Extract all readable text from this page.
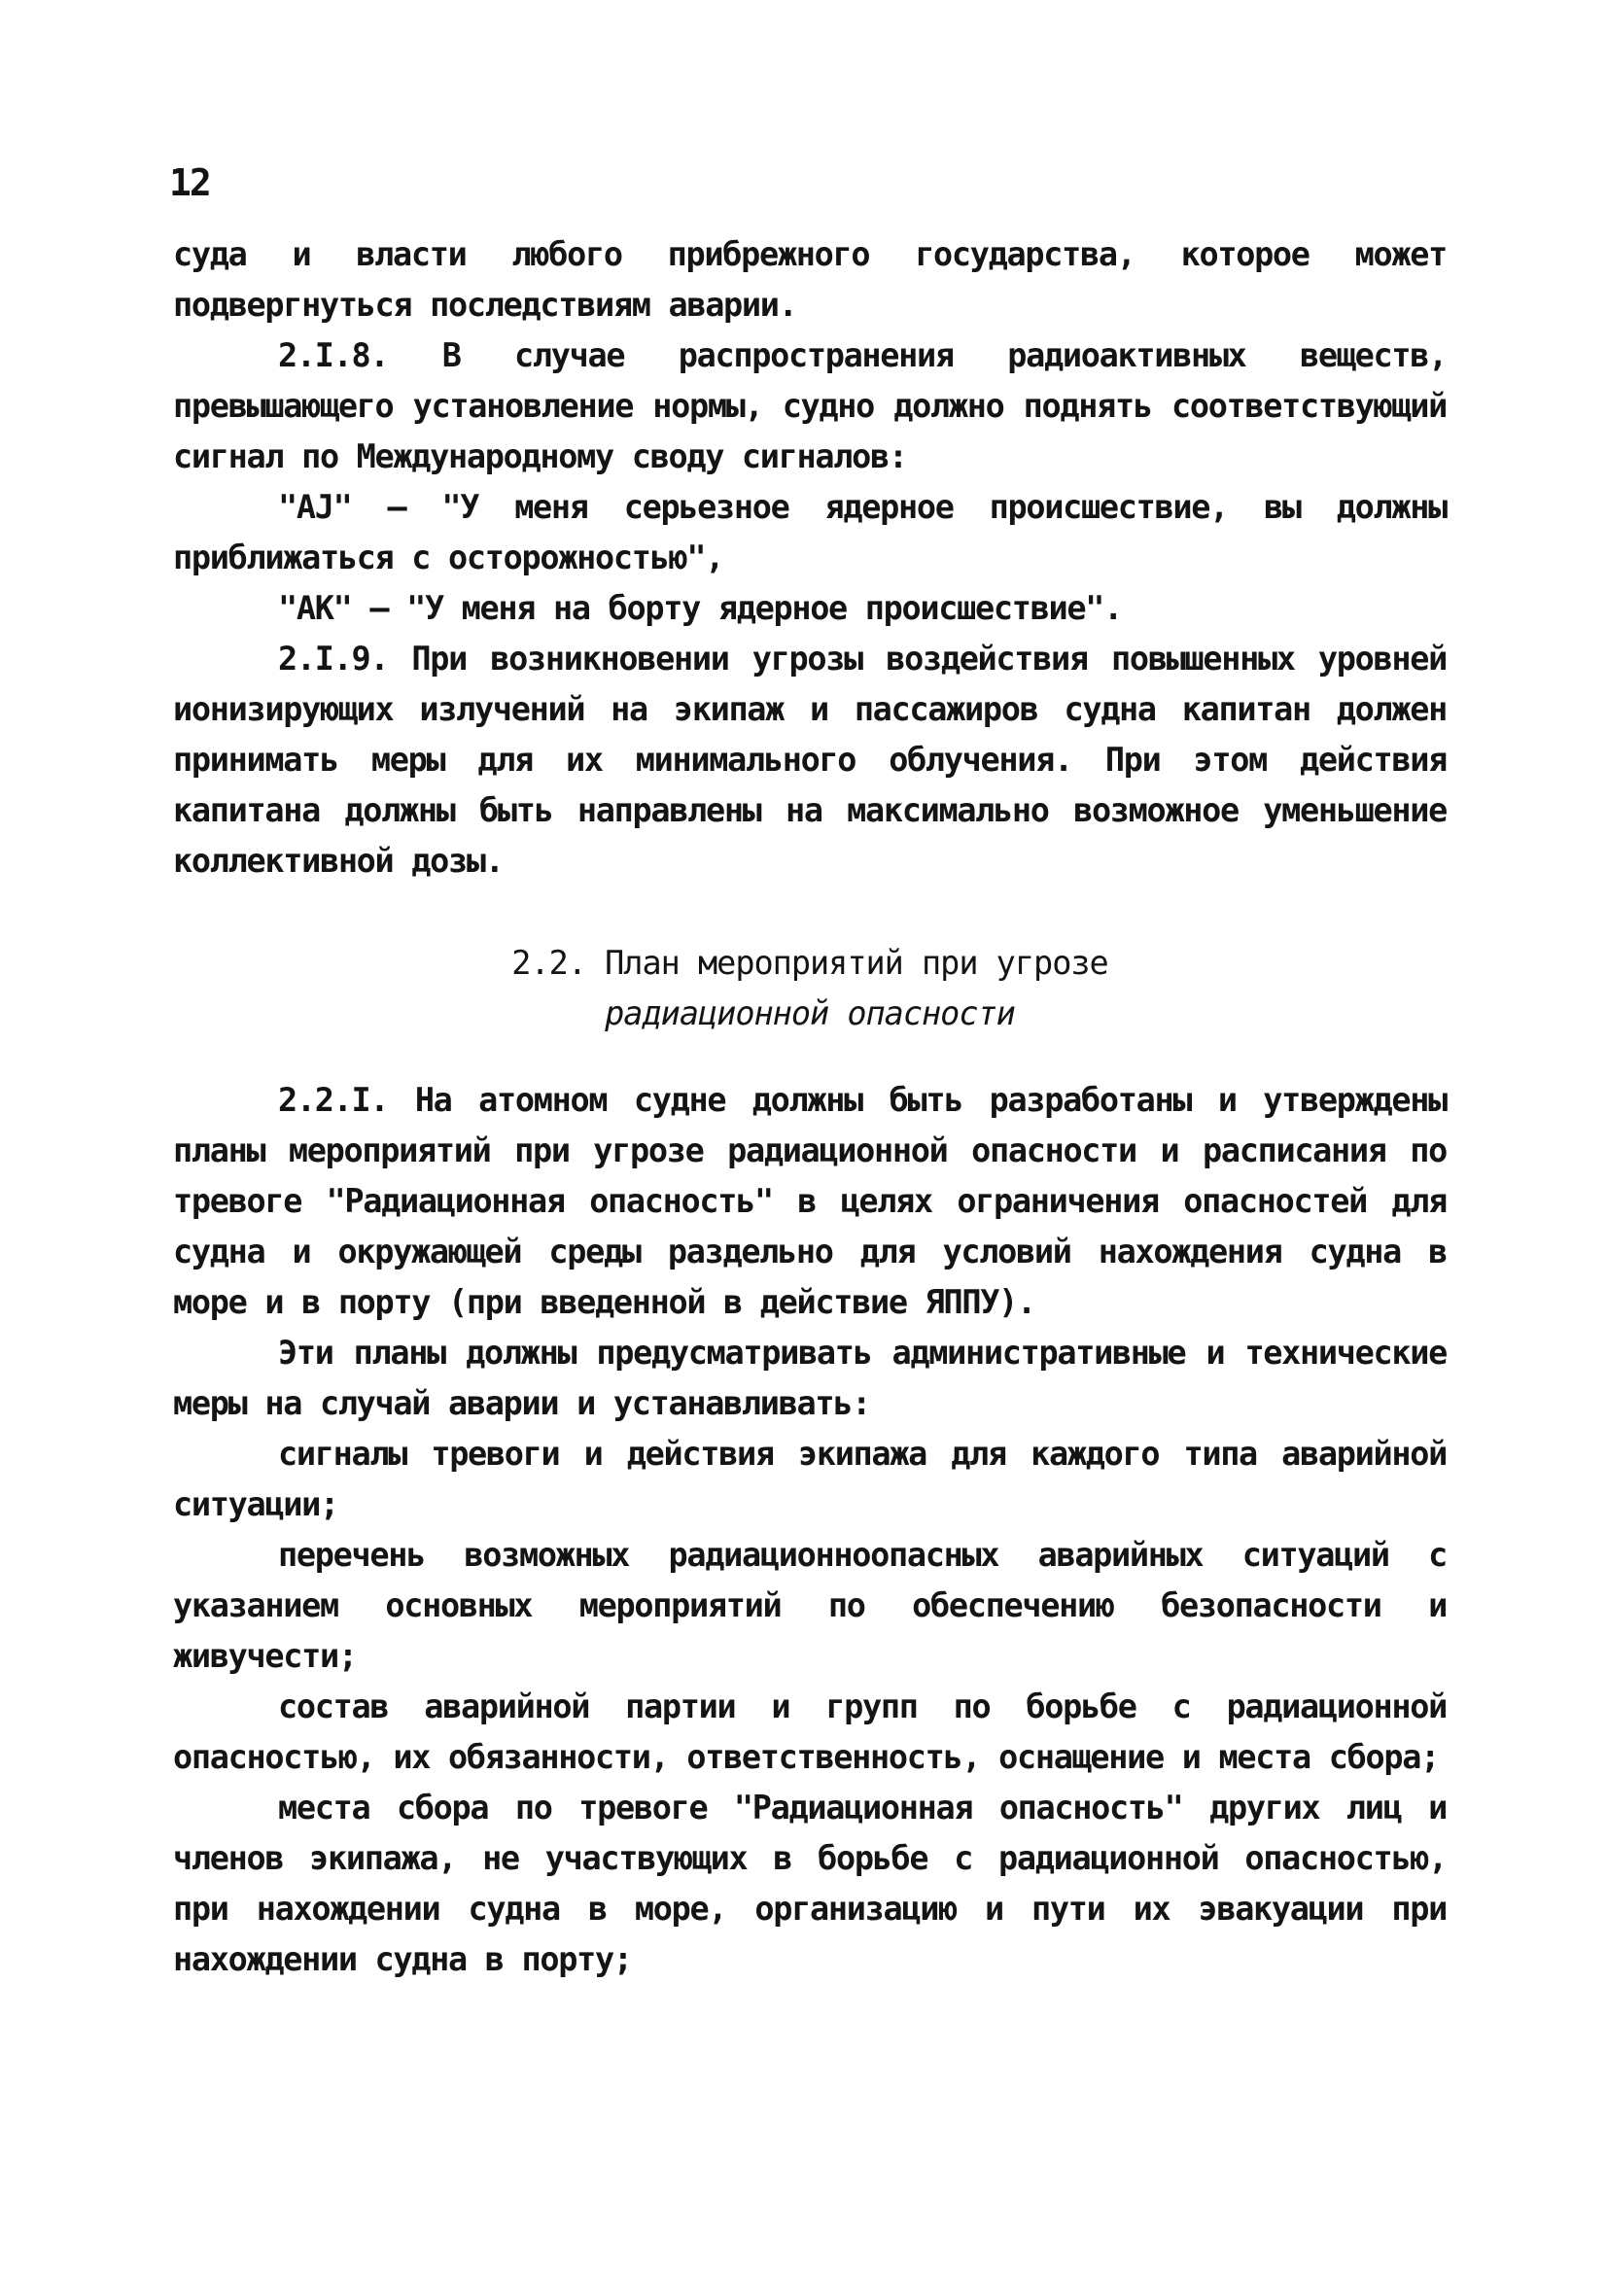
12

суда и власти любого прибрежного государства, которое может подвергнуться последствиям аварии.

2.I.8. В случае распространения радиоактивных веществ, превышающего установление нормы, судно должно поднять соответствующий сигнал по Международному своду сигналов:

"AJ" – "У меня серьезное ядерное происшествие, вы должны приближаться с осторожностью",

"AK" – "У меня на борту ядерное происшествие".

2.I.9. При возникновении угрозы воздействия повышенных уровней ионизирующих излучений на экипаж и пассажиров судна капитан должен принимать меры для их минимального облучения. При этом действия капитана должны быть направлены на максимально возможное уменьшение коллективной дозы.

2.2. План мероприятий при угрозе
радиационной опасности

2.2.I. На атомном судне должны быть разработаны и утверждены планы мероприятий при угрозе радиационной опасности и расписания по тревоге "Радиационная опасность" в целях ограничения опасностей для судна и окружающей среды раздельно для условий нахождения судна в море и в порту (при введенной в действие ЯППУ).

Эти планы должны предусматривать административные и технические меры на случай аварии и устанавливать:

сигналы тревоги и действия экипажа для каждого типа аварийной ситуации;

перечень возможных радиационноопасных аварийных ситуаций с указанием основных мероприятий по обеспечению безопасности и живучести;

состав аварийной партии и групп по борьбе с радиационной опасностью, их обязанности, ответственность, оснащение и места сбора;

места сбора по тревоге "Радиационная опасность" других лиц и членов экипажа, не участвующих в борьбе с радиационной опасностью, при нахождении судна в море, организацию и пути их эвакуации при нахождении судна в порту;
